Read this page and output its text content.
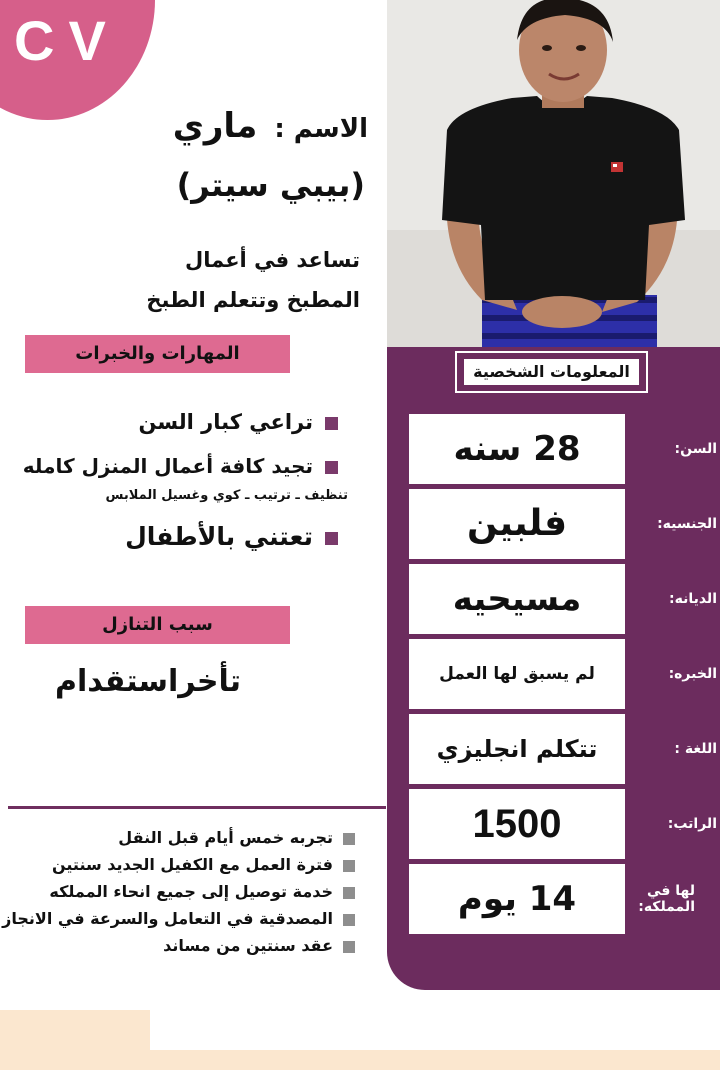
CV
الاسم : ماري
(بيبي سيتر)
تساعد في أعمال
المطبخ وتتعلم الطبخ
المهارات والخبرات
تراعي كبار السن
تجيد كافة أعمال المنزل كامله
تنظيف ـ ترتيب ـ كوي وغسيل الملابس
تعتني بالأطفال
سبب التنازل
تأخراستقدام
تجربه خمس أيام قبل النقل
فترة العمل مع الكفيل الجديد سنتين
خدمة توصيل إلى جميع انحاء المملكه
المصدقية في التعامل والسرعة في الانجاز
عقد سنتين من مساند
المعلومات الشخصية
28 سنه	السن:
فلبين	الجنسيه:
مسيحيه	الديانه:
لم يسبق لها العمل	الخبره:
تتكلم انجليزي	اللغة :
1500	الراتب:
14 يوم	لها في المملكه:
